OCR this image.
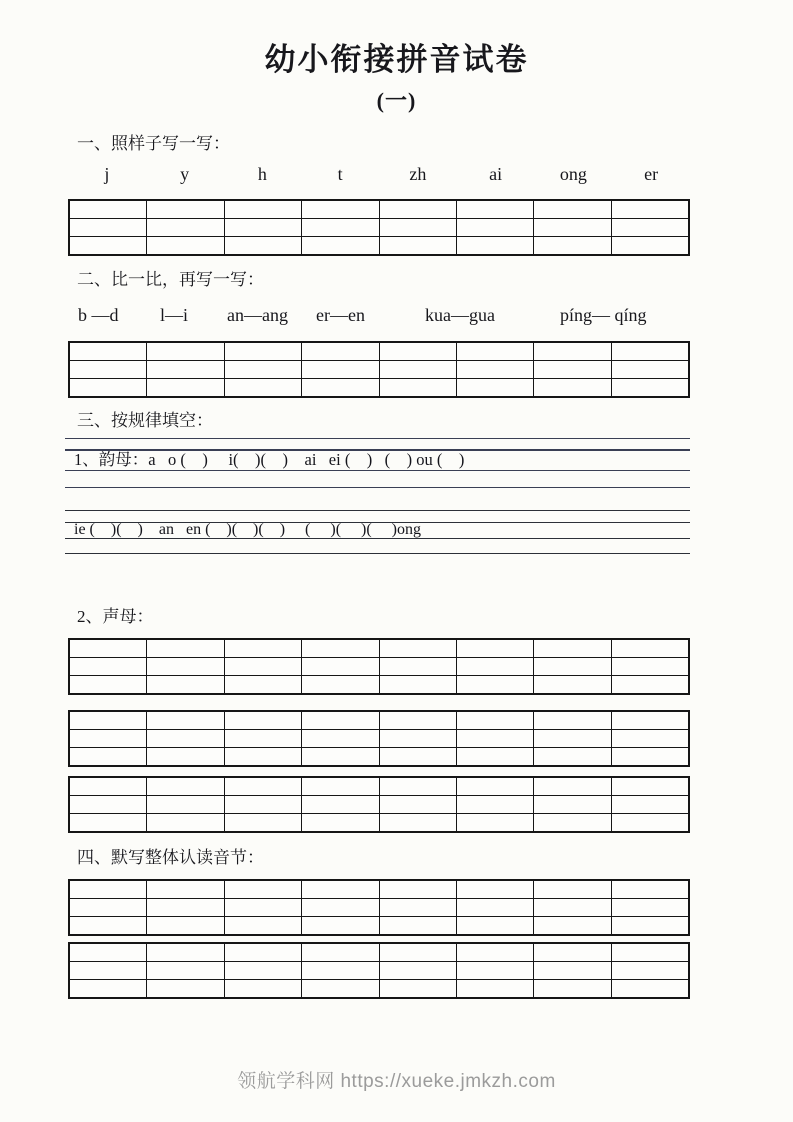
幼小衔接拼音试卷
(一)
一、照样子写一写：
j	y	h	t	zh	ai	ong	er
二、比一比，再写一写：
b —d l—i an—ang er—en	kua—gua	píng— qíng
三、按规律填空：
1、韵母：a   o (    )     i(    )(    )    ai   ei (    )   (    ) ou (    )
ie (    )(    )    an   en (    )(    )(    )     (     )(     )(     )ong
2、声母：
四、默写整体认读音节：
领航学科网 https://xueke.jmkzh.com
